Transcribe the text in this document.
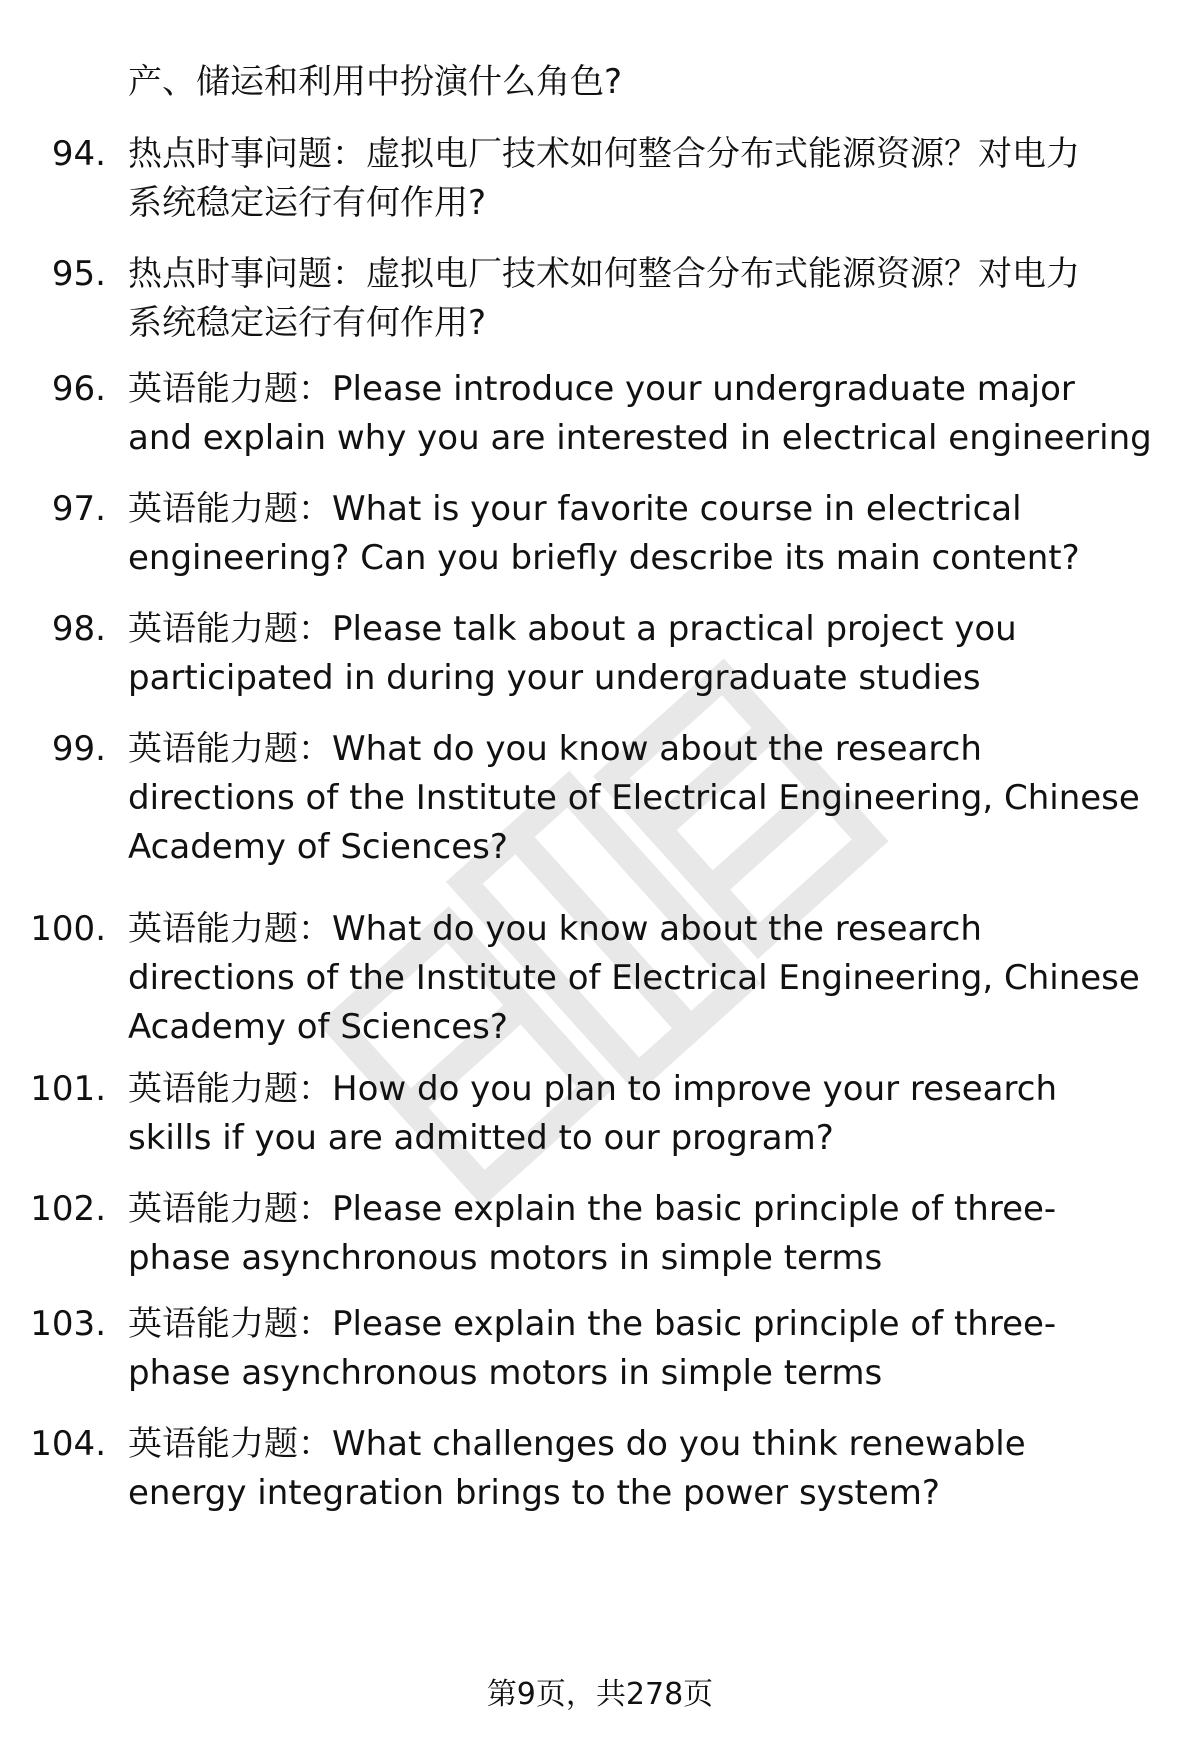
产、储运和利用中扮演什么角色?
94. 热点时事问题：虚拟电厂技术如何整合分布式能源资源？对电力
系统稳定运行有何作用?
95. 热点时事问题：虚拟电厂技术如何整合分布式能源资源？对电力
系统稳定运行有何作用?
96. 英语能力题：Please introduce your undergraduate major
and explain why you are interested in electrical engineering
97. 英语能力题：What is your favorite course in electrical
engineering? Can you briefly describe its main content?
98. 英语能力题：Please talk about a practical project you
participated in during your undergraduate studies
99. 英语能力题：What do you know about the research
directions of the Institute of Electrical Engineering, Chinese
Academy of Sciences?
100. 英语能力题：What do you know about the research
directions of the Institute of Electrical Engineering, Chinese
Academy of Sciences?
101. 英语能力题：How do you plan to improve your research
skills if you are admitted to our program?
102. 英语能力题：Please explain the basic principle of three-
phase asynchronous motors in simple terms
103. 英语能力题：Please explain the basic principle of three-
phase asynchronous motors in simple terms
104. 英语能力题：What challenges do you think renewable
energy integration brings to the power system?
第9页，共278页
